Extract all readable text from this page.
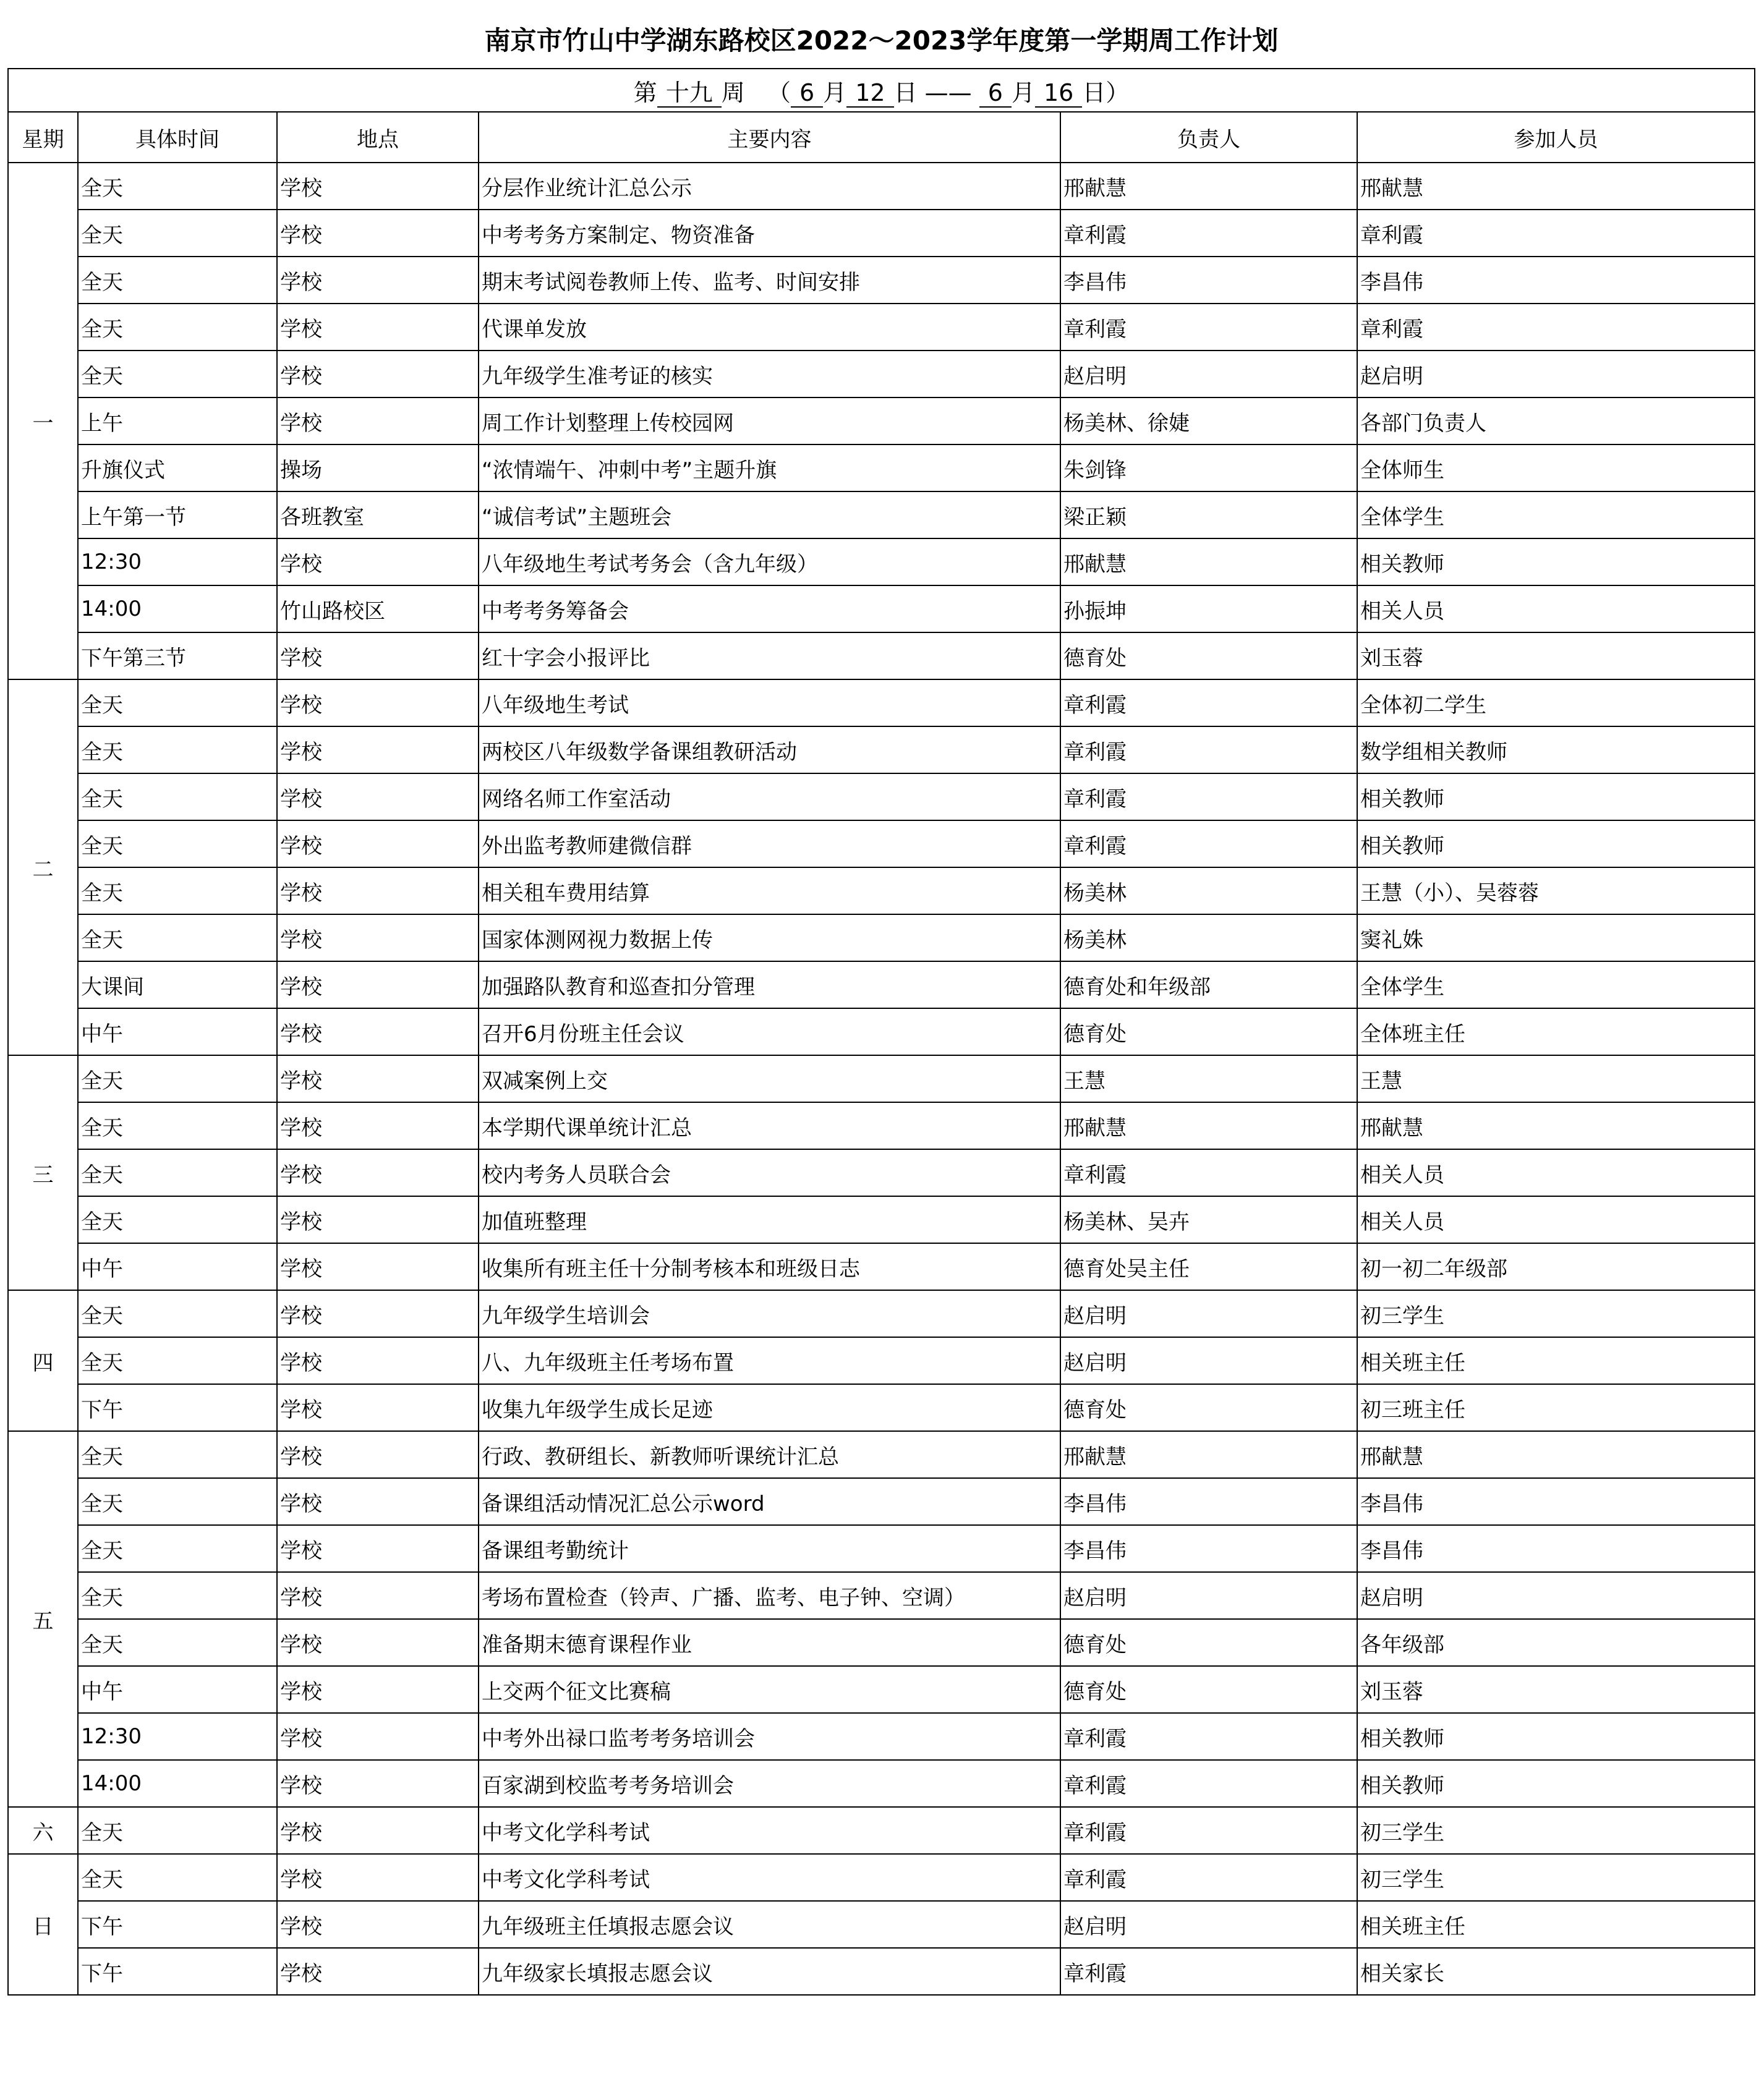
南京市竹山中学湖东路校区2022～2023学年度第一学期周工作计划					
第 十九 周 （ 6 月 12 日 —— 6 月 16 日）					
星期	具体时间	地点	主要内容	负责人	参加人员
一	全天	学校	分层作业统计汇总公示	邢献慧	邢献慧
	全天	学校	中考考务方案制定、物资准备	章利霞	章利霞
	全天	学校	期末考试阅卷教师上传、监考、时间安排	李昌伟	李昌伟
	全天	学校	代课单发放	章利霞	章利霞
	全天	学校	九年级学生准考证的核实	赵启明	赵启明
	上午	学校	周工作计划整理上传校园网	杨美林、徐婕	各部门负责人
	升旗仪式	操场	“浓情端午、冲刺中考”主题升旗	朱剑锋	全体师生
	上午第一节	各班教室	“诚信考试”主题班会	梁正颖	全体学生
	12:30	学校	八年级地生考试考务会（含九年级）	邢献慧	相关教师
	14:00	竹山路校区	中考考务筹备会	孙振坤	相关人员
	下午第三节	学校	红十字会小报评比	德育处	刘玉蓉
二	全天	学校	八年级地生考试	章利霞	全体初二学生
	全天	学校	两校区八年级数学备课组教研活动	章利霞	数学组相关教师
	全天	学校	网络名师工作室活动	章利霞	相关教师
	全天	学校	外出监考教师建微信群	章利霞	相关教师
	全天	学校	相关租车费用结算	杨美林	王慧（小）、吴蓉蓉
	全天	学校	国家体测网视力数据上传	杨美林	窦礼姝
	大课间	学校	加强路队教育和巡查扣分管理	德育处和年级部	全体学生
	中午	学校	召开6月份班主任会议	德育处	全体班主任
三	全天	学校	双减案例上交	王慧	王慧
	全天	学校	本学期代课单统计汇总	邢献慧	邢献慧
	全天	学校	校内考务人员联合会	章利霞	相关人员
	全天	学校	加值班整理	杨美林、吴卉	相关人员
	中午	学校	收集所有班主任十分制考核本和班级日志	德育处吴主任	初一初二年级部
四	全天	学校	九年级学生培训会	赵启明	初三学生
	全天	学校	八、九年级班主任考场布置	赵启明	相关班主任
	下午	学校	收集九年级学生成长足迹	德育处	初三班主任
五	全天	学校	行政、教研组长、新教师听课统计汇总	邢献慧	邢献慧
	全天	学校	备课组活动情况汇总公示word	李昌伟	李昌伟
	全天	学校	备课组考勤统计	李昌伟	李昌伟
	全天	学校	考场布置检查（铃声、广播、监考、电子钟、空调）	赵启明	赵启明
	全天	学校	准备期末德育课程作业	德育处	各年级部
	中午	学校	上交两个征文比赛稿	德育处	刘玉蓉
	12:30	学校	中考外出禄口监考考务培训会	章利霞	相关教师
	14:00	学校	百家湖到校监考考务培训会	章利霞	相关教师
六	全天	学校	中考文化学科考试	章利霞	初三学生
日	全天	学校	中考文化学科考试	章利霞	初三学生
	下午	学校	九年级班主任填报志愿会议	赵启明	相关班主任
	下午	学校	九年级家长填报志愿会议	章利霞	相关家长
